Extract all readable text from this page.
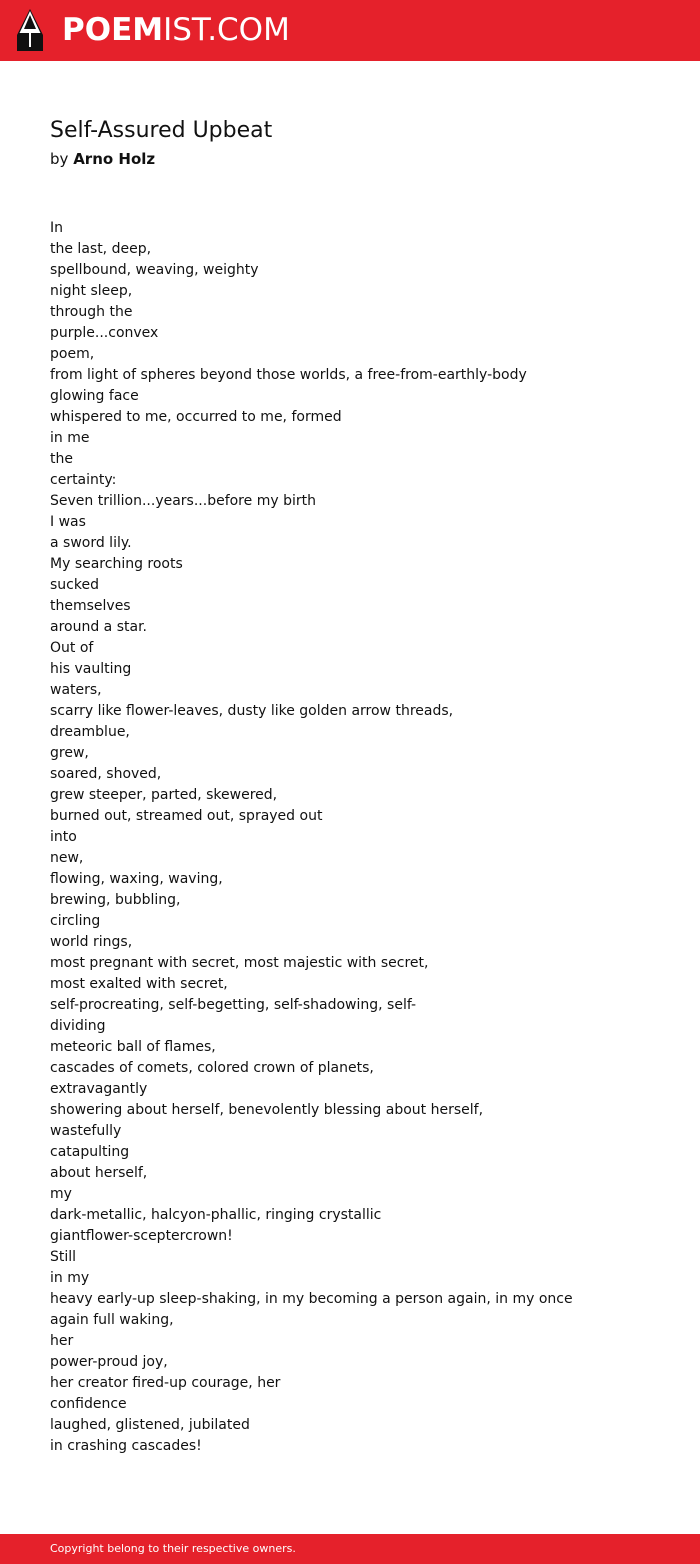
POEMIST.COM
Self-Assured Upbeat
by Arno Holz
In
the last, deep,
spellbound, weaving, weighty
night sleep,
through the
purple...convex
poem,
from light of spheres beyond those worlds, a free-from-earthly-body
glowing face
whispered to me, occurred to me, formed
in me
the
certainty:
Seven trillion...years...before my birth
I was
a sword lily.
My searching roots
sucked
themselves
around a star.
Out of
his vaulting
waters,
scarry like flower-leaves, dusty like golden arrow threads,
dreamblue,
grew,
soared, shoved,
grew steeper, parted, skewered,
burned out, streamed out, sprayed out
into
new,
flowing, waxing, waving,
brewing, bubbling,
circling
world rings,
most pregnant with secret, most majestic with secret,
most exalted with secret,
self-procreating, self-begetting, self-shadowing, self-
dividing
meteoric ball of flames,
cascades of comets, colored crown of planets,
extravagantly
showering about herself, benevolently blessing about herself,
wastefully
catapulting
about herself,
my
dark-metallic, halcyon-phallic, ringing crystallic
giantflower-sceptercrown!
Still
in my
heavy early-up sleep-shaking, in my becoming a person again, in my once
again full waking,
her
power-proud joy,
her creator fired-up courage, her
confidence
laughed, glistened, jubilated
in crashing cascades!
Copyright belong to their respective owners.
